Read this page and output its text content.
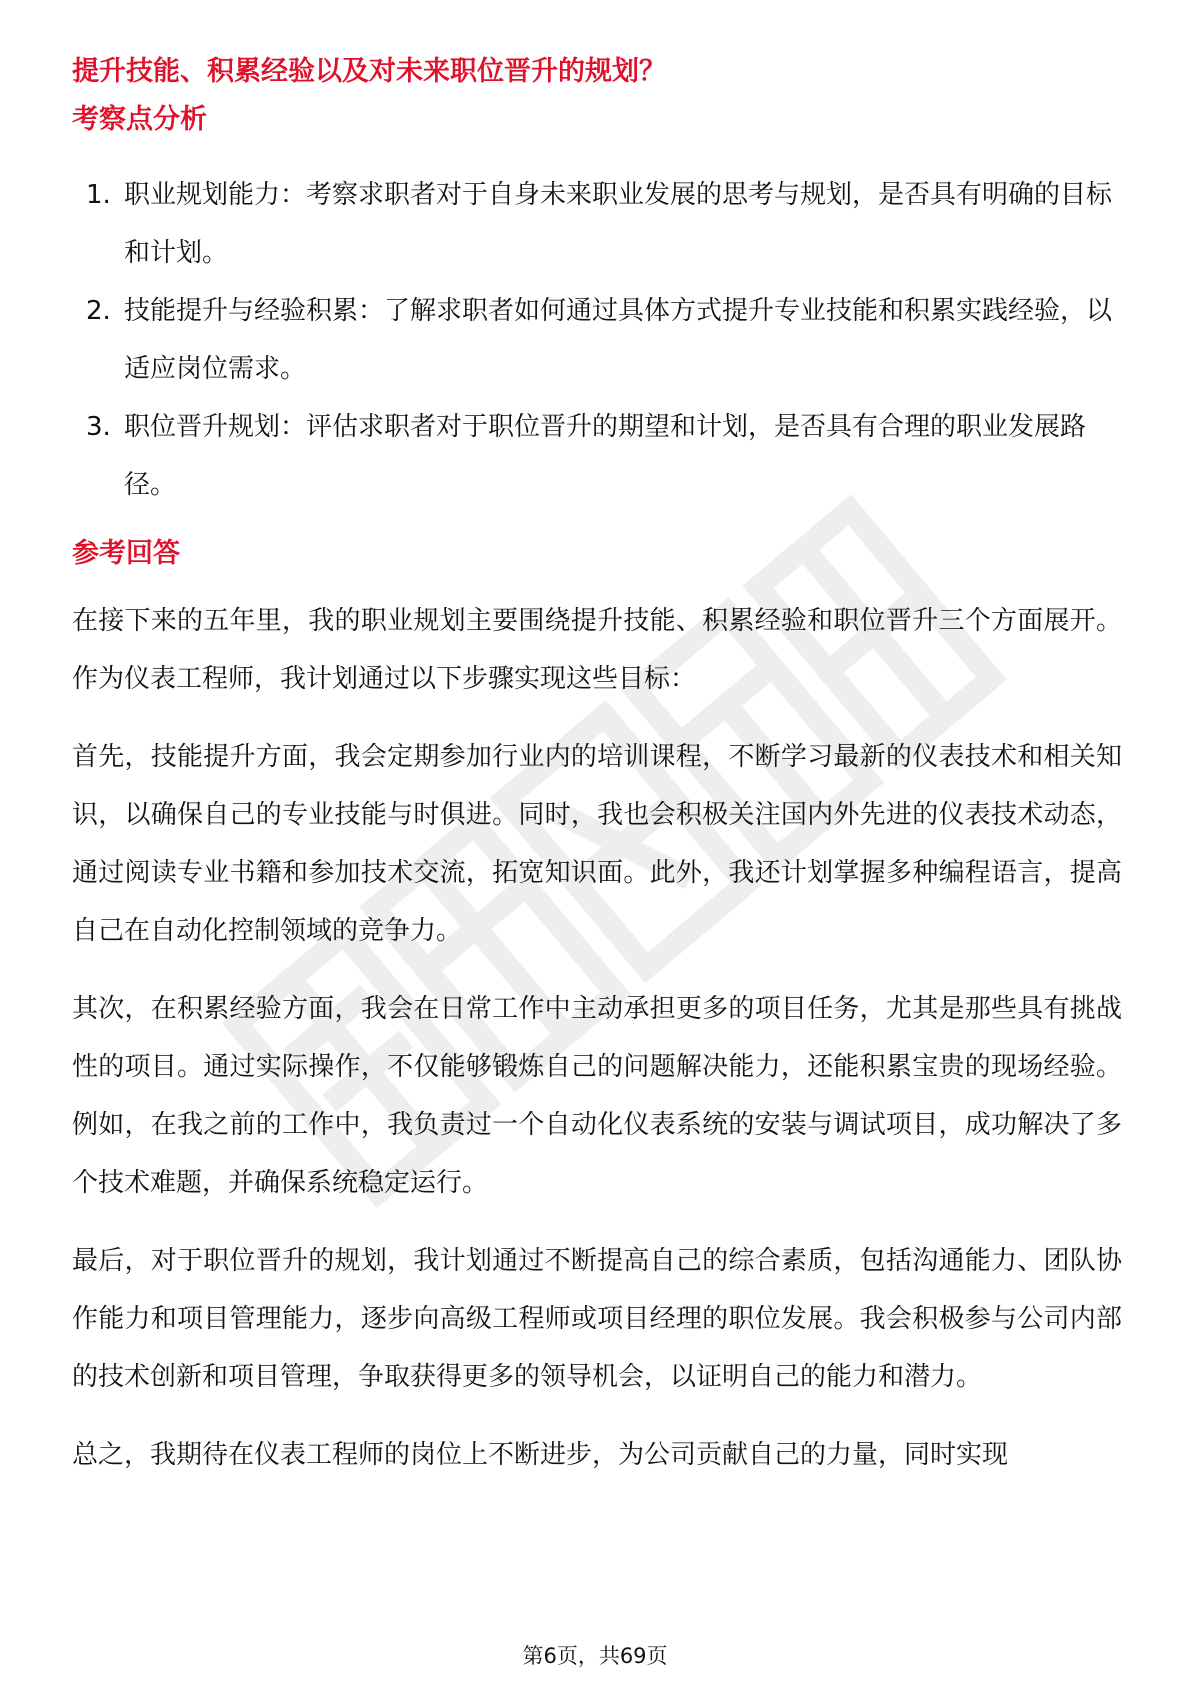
提升技能、积累经验以及对未来职位晋升的规划？

考察点分析

1. 职业规划能力：考察求职者对于自身未来职业发展的思考与规划，是否具有明确的目标和计划。
2. 技能提升与经验积累：了解求职者如何通过具体方式提升专业技能和积累实践经验，以适应岗位需求。
3. 职位晋升规划：评估求职者对于职位晋升的期望和计划，是否具有合理的职业发展路径。

参考回答

在接下来的五年里，我的职业规划主要围绕提升技能、积累经验和职位晋升三个方面展开。作为仪表工程师，我计划通过以下步骤实现这些目标：

首先，技能提升方面，我会定期参加行业内的培训课程，不断学习最新的仪表技术和相关知识，以确保自己的专业技能与时俱进。同时，我也会积极关注国内外先进的仪表技术动态，通过阅读专业书籍和参加技术交流，拓宽知识面。此外，我还计划掌握多种编程语言，提高自己在自动化控制领域的竞争力。

其次，在积累经验方面，我会在日常工作中主动承担更多的项目任务，尤其是那些具有挑战性的项目。通过实际操作，不仅能够锻炼自己的问题解决能力，还能积累宝贵的现场经验。例如，在我之前的工作中，我负责过一个自动化仪表系统的安装与调试项目，成功解决了多个技术难题，并确保系统稳定运行。

最后，对于职位晋升的规划，我计划通过不断提高自己的综合素质，包括沟通能力、团队协作能力和项目管理能力，逐步向高级工程师或项目经理的职位发展。我会积极参与公司内部的技术创新和项目管理，争取获得更多的领导机会，以证明自己的能力和潜力。

总之，我期待在仪表工程师的岗位上不断进步，为公司贡献自己的力量，同时实现

第6页，共69页
